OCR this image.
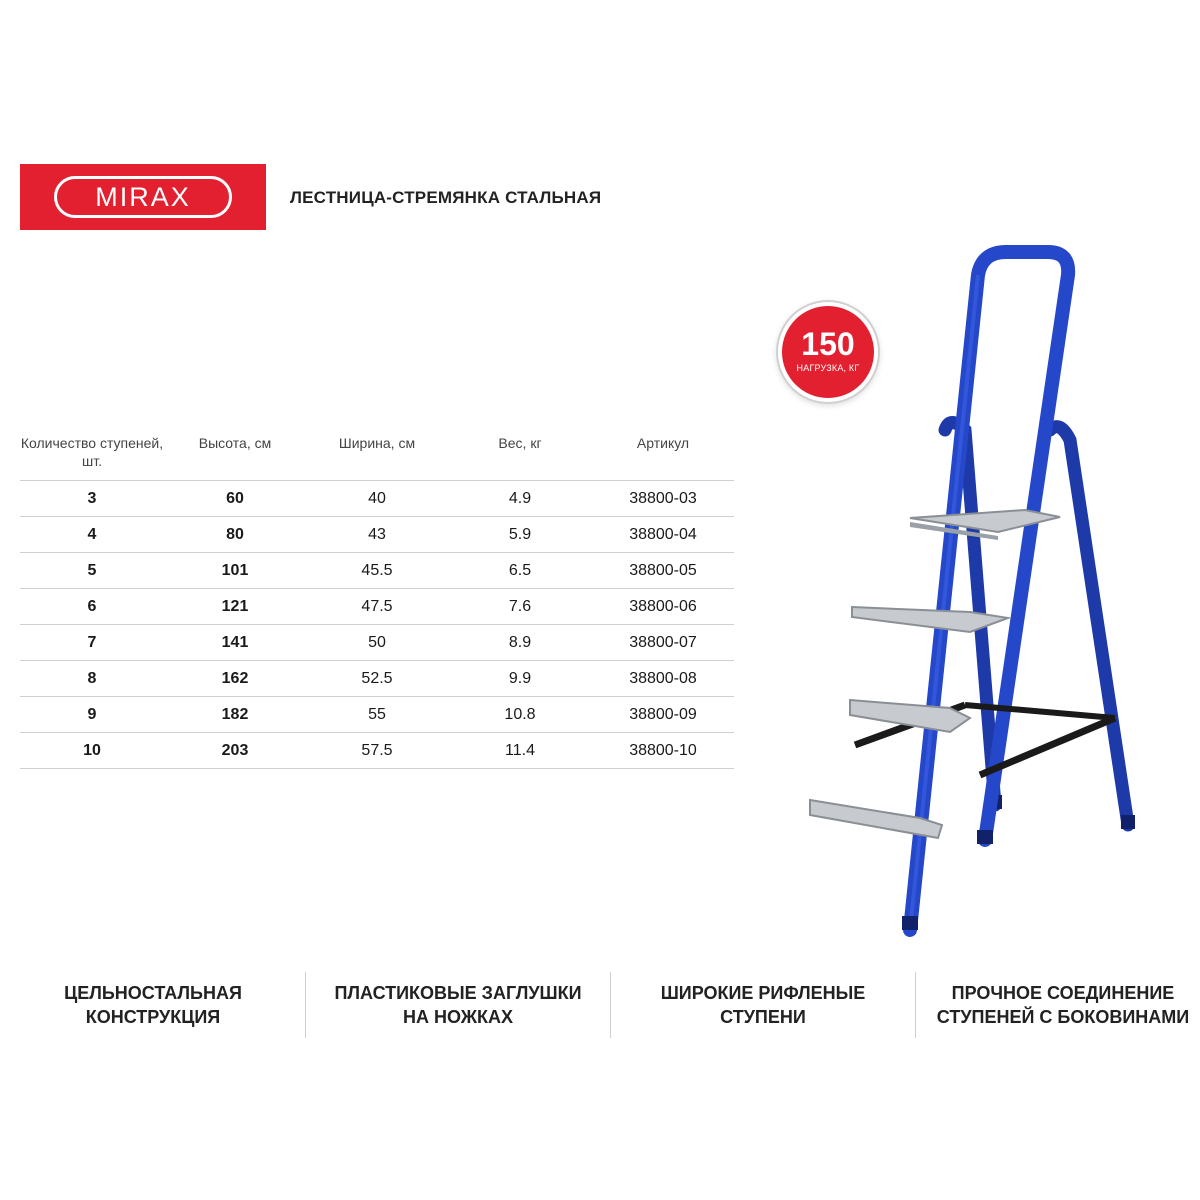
MIRAX	ЛЕСТНИЦА-СТРЕМЯНКА СТАЛЬНАЯ
150
НАГРУЗКА, КГ
Количество ступеней, шт.	Высота, см	Ширина, см	Вес, кг	Артикул
3	60	40	4.9	38800-03
4	80	43	5.9	38800-04
5	101	45.5	6.5	38800-05
6	121	47.5	7.6	38800-06
7	141	50	8.9	38800-07
8	162	52.5	9.9	38800-08
9	182	55	10.8	38800-09
10	203	57.5	11.4	38800-10
ЦЕЛЬНОСТАЛЬНАЯ
КОНСТРУКЦИЯ
ПЛАСТИКОВЫЕ ЗАГЛУШКИ
НА НОЖКАХ
ШИРОКИЕ РИФЛЕНЫЕ
СТУПЕНИ
ПРОЧНОЕ СОЕДИНЕНИЕ
СТУПЕНЕЙ С БОКОВИНАМИ
